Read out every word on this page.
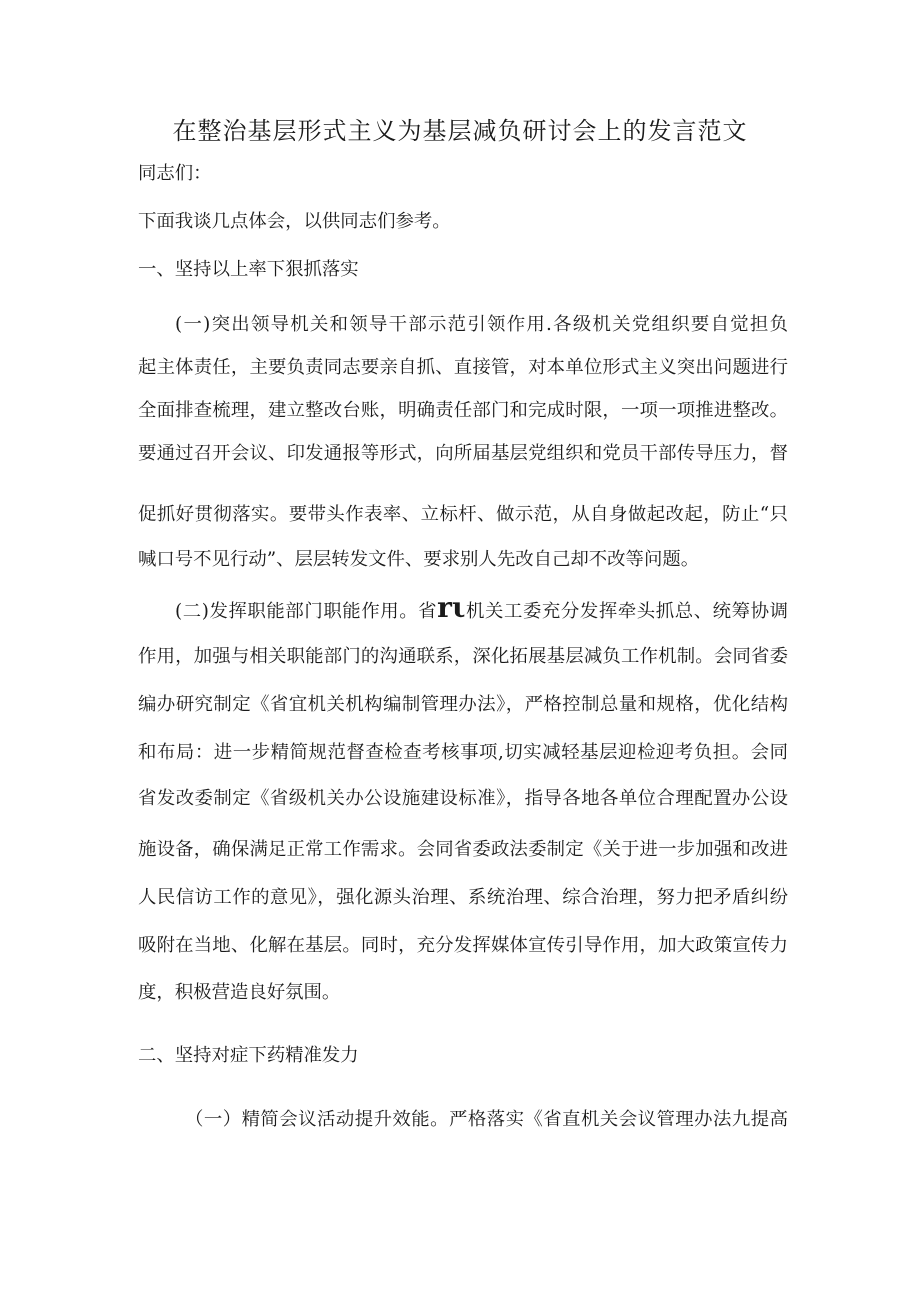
在整治基层形式主义为基层减负研讨会上的发言范文
同志们：
下面我谈几点体会，以供同志们参考。
一、坚持以上率下狠抓落实
(一)突出领导机关和领导干部示范引领作用.各级机关党组织要自觉担负
起主体责任，主要负责同志要亲自抓、直接管，对本单位形式主义突出问题进行
全面排查梳理，建立整改台账，明确责任部门和完成时限，一项一项推进整改。
要通过召开会议、印发通报等形式，向所届基层党组织和党员干部传导压力，督
促抓好贯彻落实。要带头作表率、立标杆、做示范，从自身做起改起，防止“只
喊口号不见行动”、层层转发文件、要求别人先改自己却不改等问题。
(二)发挥职能部门职能作用。省rι机关工委充分发挥牵头抓总、统筹协调
作用，加强与相关职能部门的沟通联系，深化拓展基层减负工作机制。会同省委
编办研究制定《省宜机关机构编制管理办法》，严格控制总量和规格，优化结构
和布局：进一步精简规范督查检查考核事项,切实减轻基层迎检迎考负担。会同
省发改委制定《省级机关办公设施建设标准》，指导各地各单位合理配置办公设
施设备，确保满足正常工作需求。会同省委政法委制定《关于进一步加强和改进
人民信访工作的意见》，强化源头治理、系统治理、综合治理，努力把矛盾纠纷
吸附在当地、化解在基层。同时，充分发挥媒体宣传引导作用，加大政策宣传力
度，积极营造良好氛围。
二、坚持对症下药精准发力
（一）精简会议活动提升效能。严格落实《省直机关会议管理办法九提高
